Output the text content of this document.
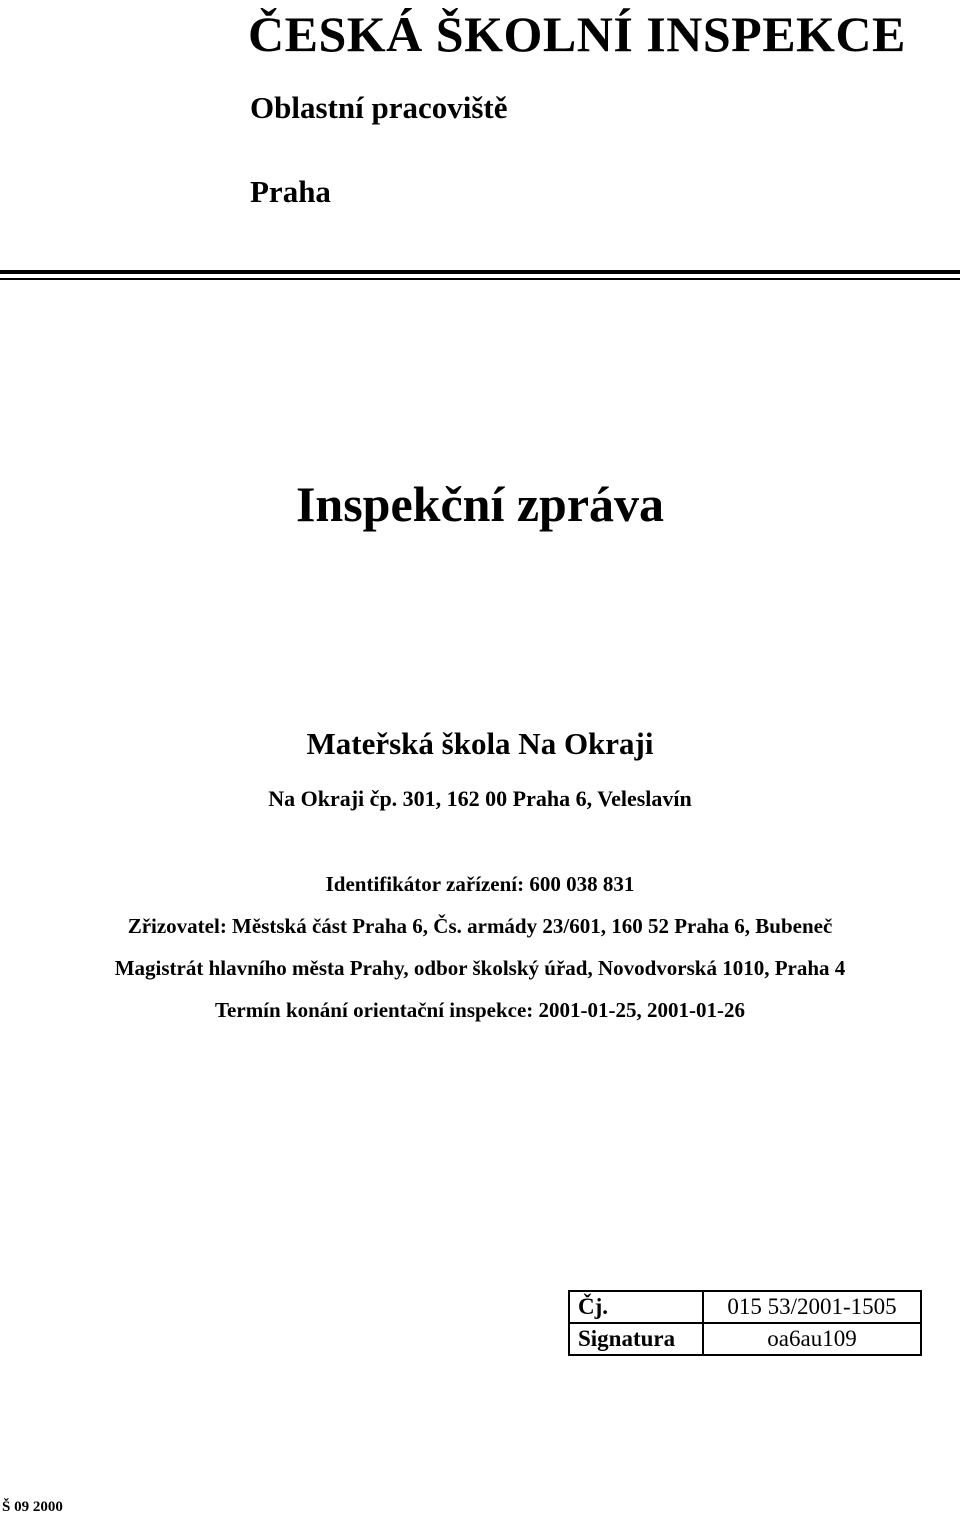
ČESKÁ ŠKOLNÍ INSPEKCE
Oblastní pracoviště
Praha
Inspekční zpráva
Mateřská škola Na Okraji
Na Okraji čp. 301, 162 00 Praha 6, Veleslavín
Identifikátor zařízení: 600 038 831
Zřizovatel: Městská část Praha 6, Čs. armády 23/601, 160 52 Praha 6, Bubeneč
Magistrát hlavního města Prahy, odbor školský úřad, Novodvorská 1010, Praha 4
Termín konání orientační inspekce: 2001-01-25, 2001-01-26
Čj.	015 53/2001-1505
Signatura	oa6au109
Š 09 2000
